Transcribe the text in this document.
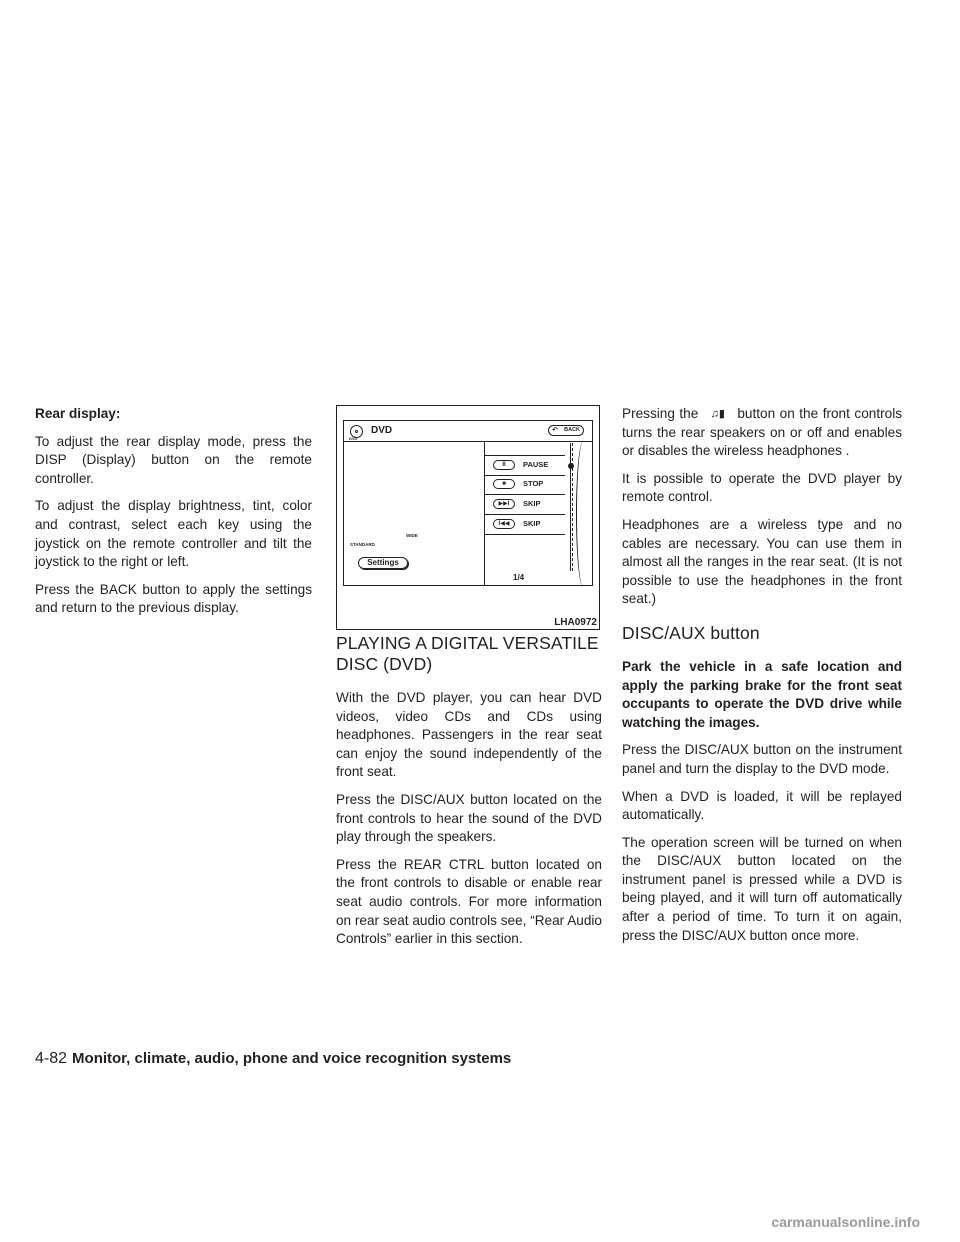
Rear display:

To adjust the rear display mode, press the DISP (Display) button on the remote controller.

To adjust the display brightness, tint, color and contrast, select each key using the joystick on the remote controller and tilt the joystick to the right or left.

Press the BACK button to apply the settings and return to the previous display.

DVD
DVD	↶ BACK
WIDE
STANDARD
Settings
II	PAUSE
■	STOP
▶▶I	SKIP
I◀◀	SKIP
1/4
LHA0972
PLAYING A DIGITAL VERSATILE DISC (DVD)

With the DVD player, you can hear DVD videos, video CDs and CDs using headphones. Passengers in the rear seat can enjoy the sound independently of the front seat.

Press the DISC/AUX button located on the front controls to hear the sound of the DVD play through the speakers.

Press the REAR CTRL button located on the front controls to disable or enable rear seat audio controls. For more information on rear seat audio controls see, “Rear Audio Controls” earlier in this section.

Pressing the ♫▮ button on the front controls turns the rear speakers on or off and enables or disables the wireless headphones .

It is possible to operate the DVD player by remote control.

Headphones are a wireless type and no cables are necessary. You can use them in almost all the ranges in the rear seat. (It is not possible to use the headphones in the front seat.)

DISC/AUX button

Park the vehicle in a safe location and apply the parking brake for the front seat occupants to operate the DVD drive while watching the images.

Press the DISC/AUX button on the instrument panel and turn the display to the DVD mode.

When a DVD is loaded, it will be replayed automatically.

The operation screen will be turned on when the DISC/AUX button located on the instrument panel is pressed while a DVD is being played, and it will turn off automatically after a period of time. To turn it on again, press the DISC/AUX button once more.

4-82 Monitor, climate, audio, phone and voice recognition systems
carmanualsonline.info
